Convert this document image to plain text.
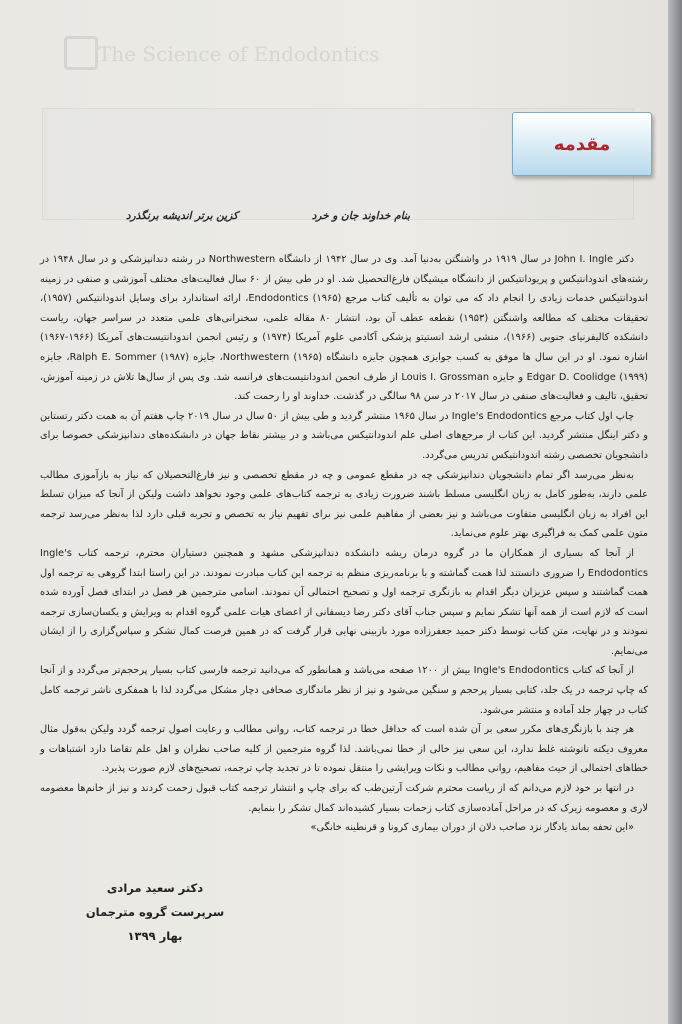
The Science of Endodontics
مقدمه
بنام خداوند جان و خرد
کزین برتر اندیشه برنگذرد

دکتر John I. Ingle در سال ۱۹۱۹ در واشنگتن به‌دنیا آمد. وی در سال ۱۹۴۲ از دانشگاه Northwestern در رشته دندانپزشکی و در سال ۱۹۴۸ در رشته‌های اندودانتیکس و پریودانتیکس از دانشگاه میشیگان فارغ‌التحصیل شد. او در طی بیش از ۶۰ سال فعالیت‌های مختلف آموزشی و صنفی در زمینه اندودانتیکس خدمات زیادی را انجام داد که می توان به تألیف کتاب مرجع Endodontics (۱۹۶۵)، ارائه استاندارد برای وسایل اندودانتیکس (۱۹۵۷)، تحقیقات مختلف که مطالعه واشنگتن (۱۹۵۳) نقطعه عطف آن بود، انتشار ۸۰ مقاله علمی، سخنرانی‌های علمی متعدد در سراسر جهان، ریاست دانشکده کالیفرنیای جنوبی (۱۹۶۶)، منشی ارشد انستیتو پزشکی آکادمی علوم آمریکا (۱۹۷۴) و رئیس انجمن اندودانتیست‌های آمریکا (۱۹۶۶-۱۹۶۷) اشاره نمود. او در این سال ها موفق به کسب جوایزی همچون جایزه دانشگاه Northwestern (۱۹۶۵)، جایزه Ralph E. Sommer (۱۹۸۷)، جایزه Edgar D. Coolidge (۱۹۹۹) و جایزه Louis I. Grossman از طرف انجمن اندودانتیست‌های فرانسه شد. وی پس از سال‌ها تلاش در زمینه آموزش، تحقیق، تالیف و فعالیت‌های صنفی در سال ۲۰۱۷ در سن ۹۸ سالگی در گذشت. خداوند او را رحمت کند.

چاپ اول کتاب مرجع Ingle's Endodontics در سال ۱۹۶۵ منتشر گردید و طی بیش از ۵۰ سال در سال ۲۰۱۹ چاپ هفتم آن به همت دکتر رتستاین و دکتر اینگل منتشر گردید. این کتاب از مرجع‌های اصلی علم اندودانتیکس می‌باشد و در بیشتر نقاط جهان در دانشکده‌های دندانپزشکی خصوصا برای دانشجویان تخصصی رشته اندودانتیکس تدریس می‌گردد.

به‌نظر می‌رسد اگر تمام دانشجویان دندانپزشکی چه در مقطع عمومی و چه در مقطع تخصصی و نیز فارغ‌التحصیلان که نیاز به بازآموزی مطالب علمی دارند، به‌طور کامل به زبان انگلیسی مسلط باشند ضرورت زیادی به ترجمه کتاب‌های علمی وجود نخواهد داشت ولیکن از آنجا که میزان تسلط این افراد به زبان انگلیسی متفاوت می‌باشد و نیز بعضی از مفاهیم علمی نیز برای تفهیم نیاز به تخصص و تجربه قبلی دارد لذا به‌نظر می‌رسد ترجمه متون علمی کمک به فراگیری بهتر علوم می‌نماید.

از آنجا که بسیاری از همکاران ما در گروه درمان ریشه دانشکده دندانپزشکی مشهد و همچنین دستیاران محترم، ترجمه کتاب Ingle's Endodontics را ضروری دانستند لذا همت گماشته و با برنامه‌ریزی منظم به ترجمه این کتاب مبادرت نمودند. در این راستا ابتدا گروهی به ترجمه اول همت گماشتند و سپس عزیزان دیگر اقدام به بازنگری ترجمه اول و تصحیح احتمالی آن نمودند. اسامی مترجمین هر فصل در ابتدای فصل آورده شده است که لازم است از همه آنها تشکر نمایم و سپس جناب آقای دکتر رضا دیسفانی از اعضای هیات علمی گروه اقدام به ویرایش و یکسان‌سازی ترجمه نمودند و در نهایت، متن کتاب توسط دکتر حمید جعفرزاده مورد بازبینی نهایی قرار گرفت که در همین فرصت کمال تشکر و سپاس‌گزاری را از ایشان می‌نمایم.

از آنجا که کتاب Ingle's Endodontics بیش از ۱۲۰۰ صفحه می‌باشد و همانطور که می‌دانید ترجمه فارسی کتاب بسیار پرحجم‌تر می‌گردد و از آنجا که چاپ ترجمه در یک جلد، کتابی بسیار پرحجم و سنگین می‌شود و نیز از نظر ماندگاری صحافی دچار مشکل می‌گردد لذا با همفکری ناشر ترجمه کامل کتاب در چهار جلد آماده و منتشر می‌شود.

هر چند با بازنگری‌های مکرر سعی بر آن شده است که حداقل خطا در ترجمه کتاب، روانی مطالب و رعایت اصول ترجمه گردد ولیکن به‌قول مثال معروف دیکته نانوشته غلط ندارد، این سعی نیز خالی از خطا نمی‌باشد. لذا گروه مترجمین از کلیه صاحب نظران و اهل علم تقاضا دارد اشتباهات و خطاهای احتمالی از حیث مفاهیم، روانی مطالب و نکات ویرایشی را منتقل نموده تا در تجدید چاپ ترجمه، تصحیح‌های لازم صورت پذیرد.

در انتها بر خود لازم می‌دانم که از ریاست محترم شرکت آرتین‌طب که برای چاپ و انتشار ترجمه کتاب قبول زحمت کردند و نیز از خانم‌ها معصومه لاری و معصومه زیرک که در مراحل آماده‌سازی کتاب زحمات بسیار کشیده‌اند کمال تشکر را بنمایم.

«این تحفه بماند یادگار نزد صاحب دلان از دوران بیماری کرونا و قرنطینه خانگی»

دکتر سعید مرادی
سرپرست گروه مترجمان
بهار ۱۳۹۹
